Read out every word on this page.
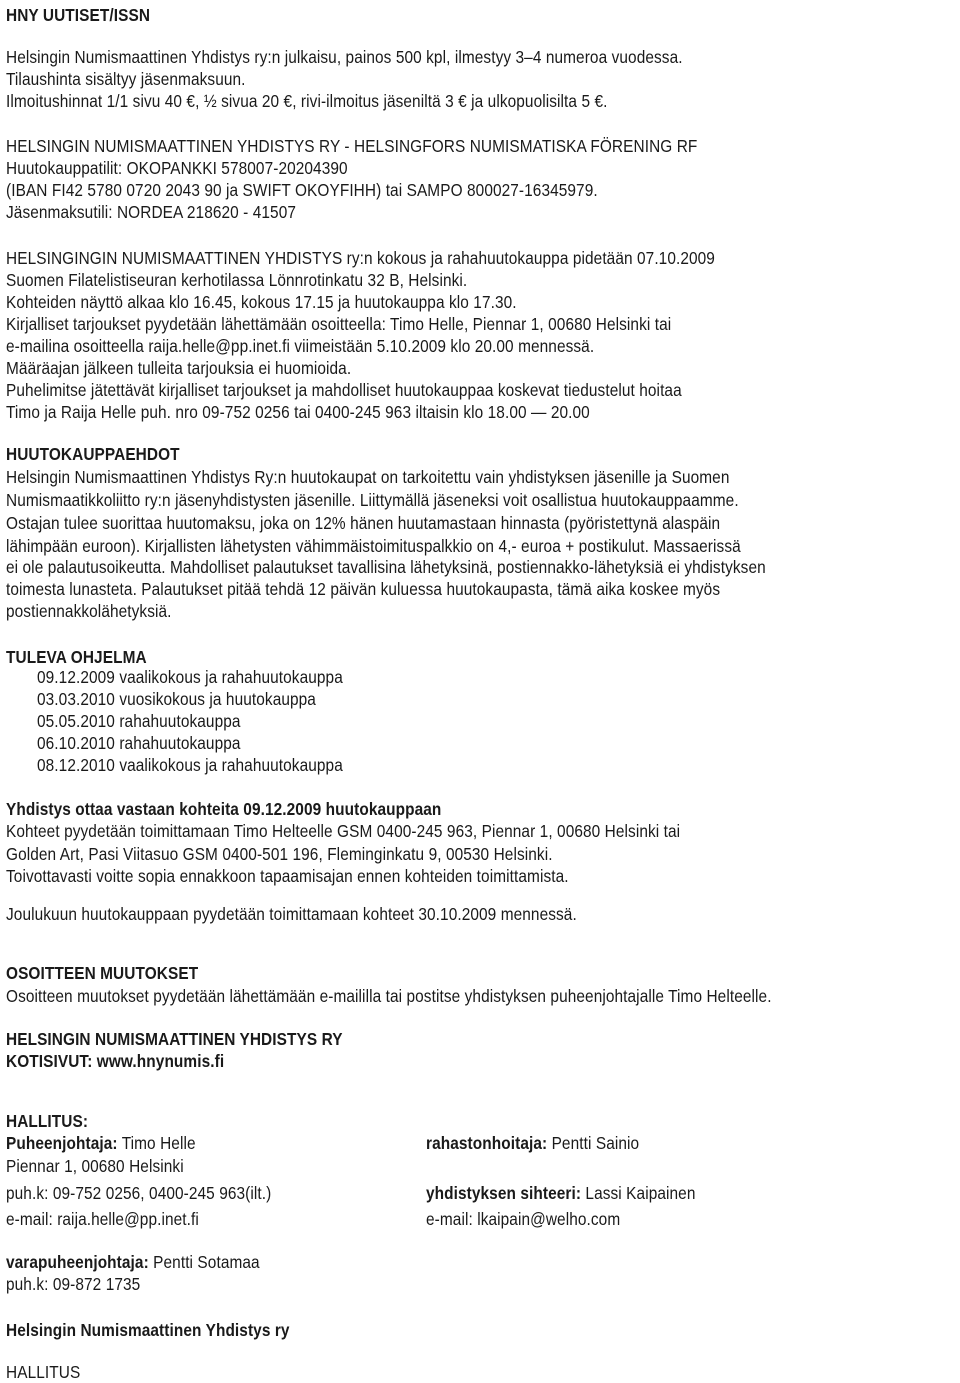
HNY UUTISET/ISSN
Helsingin Numismaattinen Yhdistys ry:n julkaisu, painos 500 kpl, ilmestyy 3–4 numeroa vuodessa.
Tilaushinta sisältyy jäsenmaksuun.
Ilmoitushinnat 1/1 sivu 40 €, ½ sivua 20 €, rivi-ilmoitus jäseniltä 3 € ja ulkopuolisilta 5 €.
HELSINGIN NUMISMAATTINEN YHDISTYS RY - HELSINGFORS NUMISMATISKA FÖRENING RF
Huutokauppatilit: OKOPANKKI 578007-20204390
(IBAN FI42 5780 0720 2043 90 ja SWIFT OKOYFIHH) tai SAMPO 800027-16345979.
Jäsenmaksutili: NORDEA 218620 - 41507
HELSINGINGIN NUMISMAATTINEN YHDISTYS ry:n kokous ja rahahuutokauppa pidetään 07.10.2009
Suomen Filatelistiseuran kerhotilassa Lönnrotinkatu 32 B, Helsinki.
Kohteiden näyttö alkaa klo 16.45, kokous 17.15 ja huutokauppa klo 17.30.
Kirjalliset tarjoukset pyydetään lähettämään osoitteella: Timo Helle, Piennar 1, 00680 Helsinki tai
e-mailina osoitteella raija.helle@pp.inet.fi viimeistään 5.10.2009 klo 20.00 mennessä.
Määräajan jälkeen tulleita tarjouksia ei huomioida.
Puhelimitse jätettävät kirjalliset tarjoukset ja mahdolliset huutokauppaa koskevat tiedustelut hoitaa
Timo ja Raija Helle puh. nro 09-752 0256 tai 0400-245 963 iltaisin klo 18.00 — 20.00
HUUTOKAUPPAEHDOT
Helsingin Numismaattinen Yhdistys Ry:n huutokaupat on tarkoitettu vain yhdistyksen jäsenille ja Suomen
Numismaatikkoliitto ry:n jäsenyhdistysten jäsenille. Liittymällä jäseneksi voit osallistua huutokauppaamme.
Ostajan tulee suorittaa huutomaksu, joka on 12% hänen huutamastaan hinnasta (pyöristettynä alaspäin
lähimpään euroon). Kirjallisten lähetysten vähimmäistoimituspalkkio on 4,- euroa + postikulut. Massaerissä
ei ole palautusoikeutta. Mahdolliset palautukset tavallisina lähetyksinä, postiennakko-lähetyksiä ei yhdistyksen
toimesta lunasteta. Palautukset pitää tehdä 12 päivän kuluessa huutokaupasta, tämä aika koskee myös
postiennakkolähetyksiä.
TULEVA OHJELMA
09.12.2009 vaalikokous ja rahahuutokauppa
03.03.2010 vuosikokous ja huutokauppa
05.05.2010 rahahuutokauppa
06.10.2010 rahahuutokauppa
08.12.2010 vaalikokous ja rahahuutokauppa
Yhdistys ottaa vastaan kohteita 09.12.2009 huutokauppaan
Kohteet pyydetään toimittamaan Timo Helteelle GSM 0400-245 963, Piennar 1, 00680 Helsinki tai
Golden Art, Pasi Viitasuo GSM 0400-501 196, Fleminginkatu 9, 00530 Helsinki.
Toivottavasti voitte sopia ennakkoon tapaamisajan ennen kohteiden toimittamista.
Joulukuun huutokauppaan pyydetään toimittamaan kohteet 30.10.2009 mennessä.
OSOITTEEN MUUTOKSET
Osoitteen muutokset pyydetään lähettämään e-maililla tai postitse yhdistyksen puheenjohtajalle Timo Helteelle.
HELSINGIN NUMISMAATTINEN YHDISTYS RY
KOTISIVUT: www.hnynumis.fi
HALLITUS:
Puheenjohtaja: Timo Helle
Piennar 1, 00680 Helsinki
puh.k: 09-752 0256, 0400-245 963(ilt.)
e-mail: raija.helle@pp.inet.fi
rahastonhoitaja: Pentti Sainio
yhdistyksen sihteeri: Lassi Kaipainen
e-mail: lkaipain@welho.com
varapuheenjohtaja: Pentti Sotamaa
puh.k: 09-872 1735
Helsingin Numismaattinen Yhdistys ry
HALLITUS
